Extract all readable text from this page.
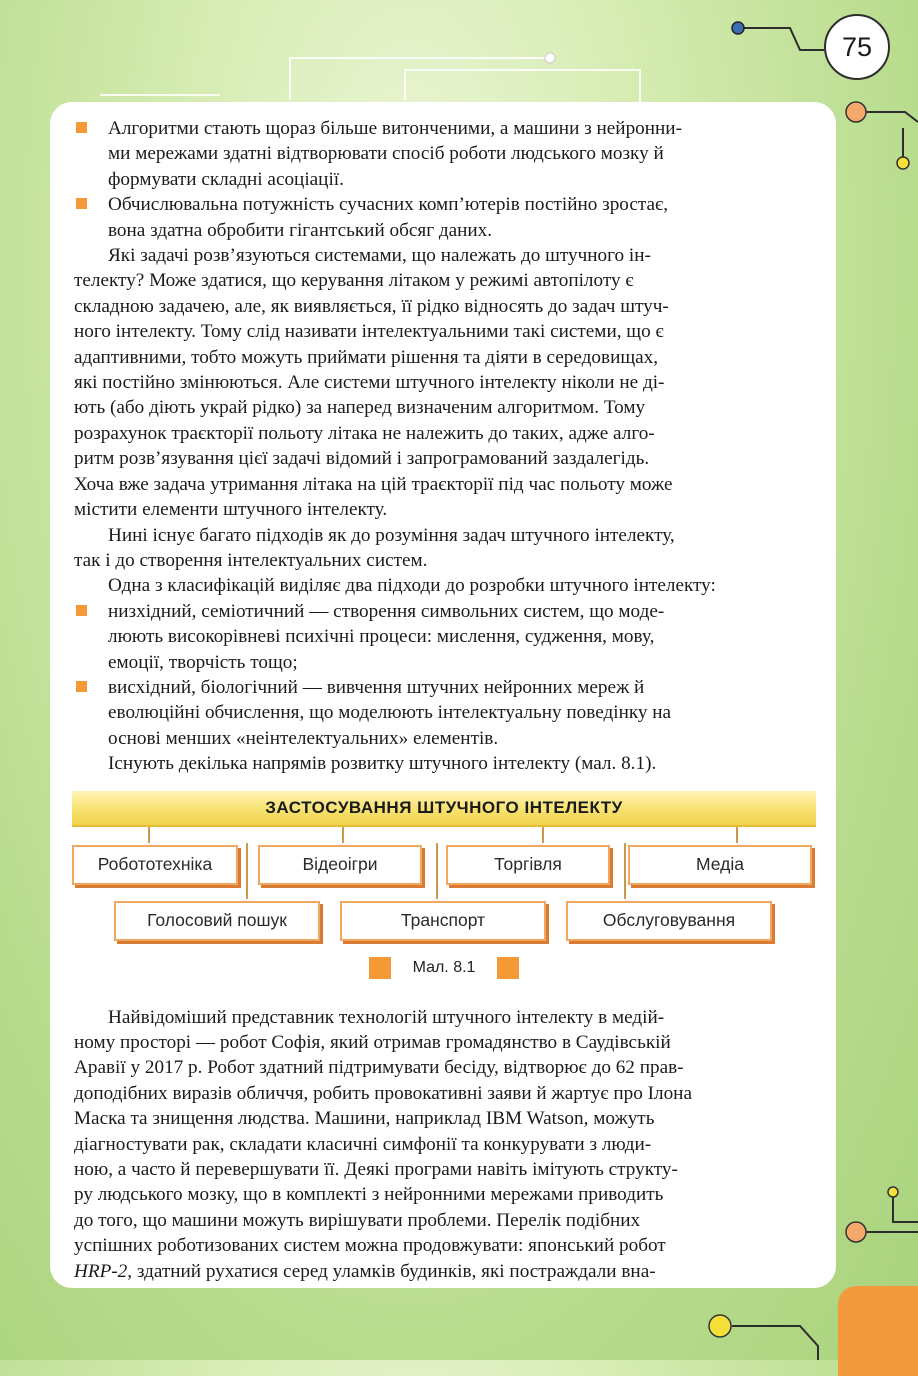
75
Алгоритми стають щораз більше витонченими, а машини з нейронни-
ми мережами здатні відтворювати спосіб роботи людського мозку й
формувати складні асоціації.
Обчислювальна потужність сучасних комп’ютерів постійно зростає,
вона здатна обробити гігантський обсяг даних.

Які задачі розв’язуються системами, що належать до штучного ін-
телекту? Може здатися, що керування літаком у режимі автопілоту є
складною задачею, але, як виявляється, її рідко відносять до задач штуч-
ного інтелекту. Тому слід називати інтелектуальними такі системи, що є
адаптивними, тобто можуть приймати рішення та діяти в середовищах,
які постійно змінюються. Але системи штучного інтелекту ніколи не ді-
ють (або діють украй рідко) за наперед визначеним алгоритмом. Тому
розрахунок траєкторії польоту літака не належить до таких, адже алго-
ритм розв’язування цієї задачі відомий і запрограмований заздалегідь.
Хоча вже задача утримання літака на цій траєкторії під час польоту може
містити елементи штучного інтелекту.

Нині існує багато підходів як до розуміння задач штучного інтелекту,
так і до створення інтелектуальних систем.

Одна з класифікацій виділяє два підходи до розробки штучного інтелекту:

низхідний, семіотичний — створення символьних систем, що моде-
люють високорівневі психічні процеси: мислення, судження, мову,
емоції, творчість тощо;
висхідний, біологічний — вивчення штучних нейронних мереж й
еволюційні обчислення, що моделюють інтелектуальну поведінку на
основі менших «неінтелектуальних» елементів.

Існують декілька напрямів розвитку штучного інтелекту (мал. 8.1).

ЗАСТОСУВАННЯ ШТУЧНОГО ІНТЕЛЕКТУ
Робототехніка	Відеоігри	Торгівля	Медіа
Голосовий пошук	Транспорт	Обслуговування
Мал. 8.1

Найвідоміший представник технологій штучного інтелекту в медій-
ному просторі — робот Софія, який отримав громадянство в Саудівській
Аравії у 2017 р. Робот здатний підтримувати бесіду, відтворює до 62 прав-
доподібних виразів обличчя, робить провокативні заяви й жартує про Ілона
Маска та знищення людства. Машини, наприклад IBM Watson, можуть
діагностувати рак, складати класичні симфонії та конкурувати з люди-
ною, а часто й перевершувати її. Деякі програми навіть імітують структу-
ру людського мозку, що в комплекті з нейронними мережами приводить
до того, що машини можуть вирішувати проблеми. Перелік подібних
успішних роботизованих систем можна продовжувати: японський робот
HRP-2, здатний рухатися серед уламків будинків, які постраждали вна-
